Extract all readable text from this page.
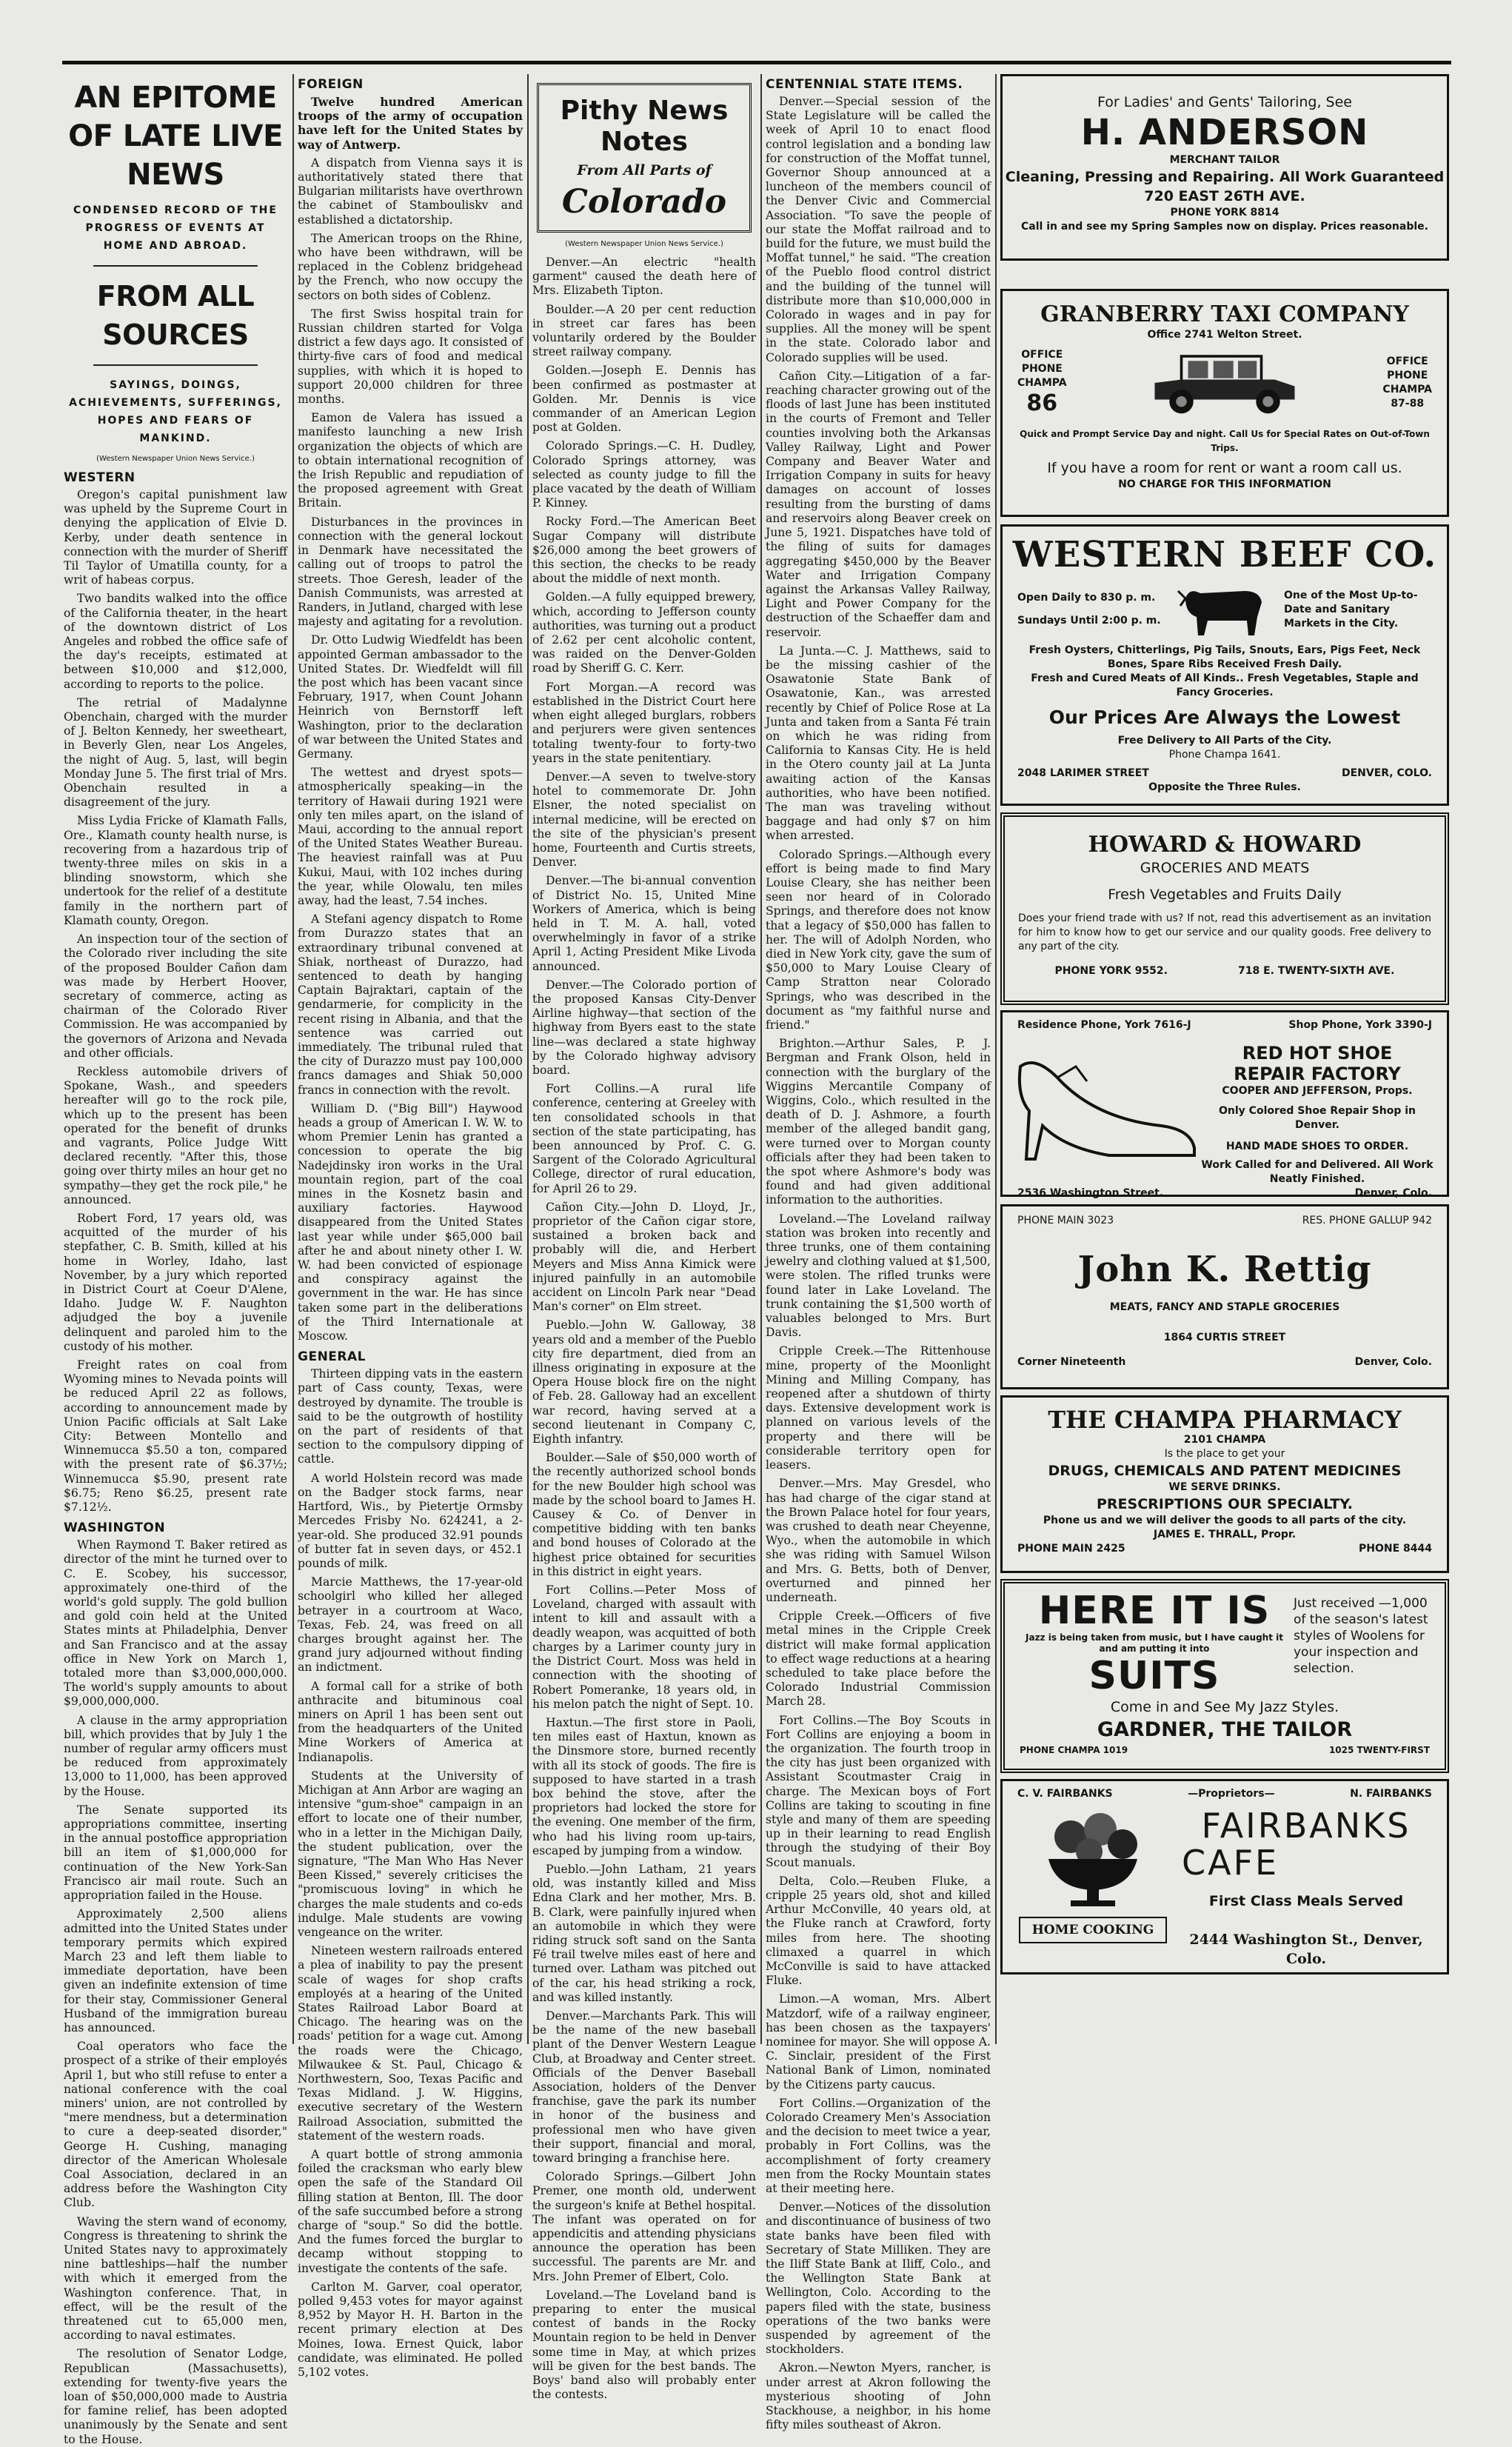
AN EPITOME OF LATE LIVE NEWS
CONDENSED RECORD OF THE PROGRESS OF EVENTS AT HOME AND ABROAD.
FROM ALL SOURCES
SAYINGS, DOINGS, ACHIEVEMENTS, SUFFERINGS, HOPES AND FEARS OF MANKIND.
(Western Newspaper Union News Service.)
WESTERN

Oregon's capital punishment law was upheld by the Supreme Court in denying the application of Elvie D. Kerby, under death sentence in connection with the murder of Sheriff Til Taylor of Umatilla county, for a writ of habeas corpus.

Two bandits walked into the office of the California theater, in the heart of the downtown district of Los Angeles and robbed the office safe of the day's receipts, estimated at between $10,000 and $12,000, according to reports to the police.

The retrial of Madalynne Obenchain, charged with the murder of J. Belton Kennedy, her sweetheart, in Beverly Glen, near Los Angeles, the night of Aug. 5, last, will begin Monday June 5. The first trial of Mrs. Obenchain resulted in a disagreement of the jury.

Miss Lydia Fricke of Klamath Falls, Ore., Klamath county health nurse, is recovering from a hazardous trip of twenty-three miles on skis in a blinding snowstorm, which she undertook for the relief of a destitute family in the northern part of Klamath county, Oregon.

An inspection tour of the section of the Colorado river including the site of the proposed Boulder Cañon dam was made by Herbert Hoover, secretary of commerce, acting as chairman of the Colorado River Commission. He was accompanied by the governors of Arizona and Nevada and other officials.

Reckless automobile drivers of Spokane, Wash., and speeders hereafter will go to the rock pile, which up to the present has been operated for the benefit of drunks and vagrants, Police Judge Witt declared recently. "After this, those going over thirty miles an hour get no sympathy—they get the rock pile," he announced.

Robert Ford, 17 years old, was acquitted of the murder of his stepfather, C. B. Smith, killed at his home in Worley, Idaho, last November, by a jury which reported in District Court at Coeur D'Alene, Idaho. Judge W. F. Naughton adjudged the boy a juvenile delinquent and paroled him to the custody of his mother.

Freight rates on coal from Wyoming mines to Nevada points will be reduced April 22 as follows, according to announcement made by Union Pacific officials at Salt Lake City: Between Montello and Winnemucca $5.50 a ton, compared with the present rate of $6.37½; Winnemucca $5.90, present rate $6.75; Reno $6.25, present rate $7.12½.

WASHINGTON

When Raymond T. Baker retired as director of the mint he turned over to C. E. Scobey, his successor, approximately one-third of the world's gold supply. The gold bullion and gold coin held at the United States mints at Philadelphia, Denver and San Francisco and at the assay office in New York on March 1, totaled more than $3,000,000,000. The world's supply amounts to about $9,000,000,000.

A clause in the army appropriation bill, which provides that by July 1 the number of regular army officers must be reduced from approximately 13,000 to 11,000, has been approved by the House.

The Senate supported its appropriations committee, inserting in the annual postoffice appropriation bill an item of $1,000,000 for continuation of the New York-San Francisco air mail route. Such an appropriation failed in the House.

Approximately 2,500 aliens admitted into the United States under temporary permits which expired March 23 and left them liable to immediate deportation, have been given an indefinite extension of time for their stay, Commissioner General Husband of the immigration bureau has announced.

Coal operators who face the prospect of a strike of their employés April 1, but who still refuse to enter a national conference with the coal miners' union, are not controlled by "mere mendness, but a determination to cure a deep-seated disorder," George H. Cushing, managing director of the American Wholesale Coal Association, declared in an address before the Washington City Club.

Waving the stern wand of economy, Congress is threatening to shrink the United States navy to approximately nine battleships—half the number with which it emerged from the Washington conference. That, in effect, will be the result of the threatened cut to 65,000 men, according to naval estimates.

The resolution of Senator Lodge, Republican (Massachusetts), extending for twenty-five years the loan of $50,000,000 made to Austria for famine relief, has been adopted unanimously by the Senate and sent to the House.

FOREIGN

Twelve hundred American troops of the army of occupation have left for the United States by way of Antwerp.

A dispatch from Vienna says it is authoritatively stated there that Bulgarian militarists have overthrown the cabinet of Stambouliskv and established a dictatorship.

The American troops on the Rhine, who have been withdrawn, will be replaced in the Coblenz bridgehead by the French, who now occupy the sectors on both sides of Coblenz.

The first Swiss hospital train for Russian children started for Volga district a few days ago. It consisted of thirty-five cars of food and medical supplies, with which it is hoped to support 20,000 children for three months.

Eamon de Valera has issued a manifesto launching a new Irish organization the objects of which are to obtain international recognition of the Irish Republic and repudiation of the proposed agreement with Great Britain.

Disturbances in the provinces in connection with the general lockout in Denmark have necessitated the calling out of troops to patrol the streets. Thoe Geresh, leader of the Danish Communists, was arrested at Randers, in Jutland, charged with lese majesty and agitating for a revolution.

Dr. Otto Ludwig Wiedfeldt has been appointed German ambassador to the United States. Dr. Wiedfeldt will fill the post which has been vacant since February, 1917, when Count Johann Heinrich von Bernstorff left Washington, prior to the declaration of war between the United States and Germany.

The wettest and dryest spots—atmospherically speaking—in the territory of Hawaii during 1921 were only ten miles apart, on the island of Maui, according to the annual report of the United States Weather Bureau. The heaviest rainfall was at Puu Kukui, Maui, with 102 inches during the year, while Olowalu, ten miles away, had the least, 7.54 inches.

A Stefani agency dispatch to Rome from Durazzo states that an extraordinary tribunal convened at Shiak, northeast of Durazzo, had sentenced to death by hanging Captain Bajraktari, captain of the gendarmerie, for complicity in the recent rising in Albania, and that the sentence was carried out immediately. The tribunal ruled that the city of Durazzo must pay 100,000 francs damages and Shiak 50,000 francs in connection with the revolt.

William D. ("Big Bill") Haywood heads a group of American I. W. W. to whom Premier Lenin has granted a concession to operate the big Nadejdinsky iron works in the Ural mountain region, part of the coal mines in the Kosnetz basin and auxiliary factories. Haywood disappeared from the United States last year while under $65,000 bail after he and about ninety other I. W. W. had been convicted of espionage and conspiracy against the government in the war. He has since taken some part in the deliberations of the Third Internationale at Moscow.

GENERAL

Thirteen dipping vats in the eastern part of Cass county, Texas, were destroyed by dynamite. The trouble is said to be the outgrowth of hostility on the part of residents of that section to the compulsory dipping of cattle.

A world Holstein record was made on the Badger stock farms, near Hartford, Wis., by Pietertje Ormsby Mercedes Frisby No. 624241, a 2-year-old. She produced 32.91 pounds of butter fat in seven days, or 452.1 pounds of milk.

Marcie Matthews, the 17-year-old schoolgirl who killed her alleged betrayer in a courtroom at Waco, Texas, Feb. 24, was freed on all charges brought against her. The grand jury adjourned without finding an indictment.

A formal call for a strike of both anthracite and bituminous coal miners on April 1 has been sent out from the headquarters of the United Mine Workers of America at Indianapolis.

Students at the University of Michigan at Ann Arbor are waging an intensive "gum-shoe" campaign in an effort to locate one of their number, who in a letter in the Michigan Daily, the student publication, over the signature, "The Man Who Has Never Been Kissed," severely criticises the "promiscuous loving" in which he charges the male students and co-eds indulge. Male students are vowing vengeance on the writer.

Nineteen western railroads entered a plea of inability to pay the present scale of wages for shop crafts employés at a hearing of the United States Railroad Labor Board at Chicago. The hearing was on the roads' petition for a wage cut. Among the roads were the Chicago, Milwaukee & St. Paul, Chicago & Northwestern, Soo, Texas Pacific and Texas Midland. J. W. Higgins, executive secretary of the Western Railroad Association, submitted the statement of the western roads.

A quart bottle of strong ammonia foiled the cracksman who early blew open the safe of the Standard Oil filling station at Benton, Ill. The door of the safe succumbed before a strong charge of "soup." So did the bottle. And the fumes forced the burglar to decamp without stopping to investigate the contents of the safe.

Carlton M. Garver, coal operator, polled 9,453 votes for mayor against 8,952 by Mayor H. H. Barton in the recent primary election at Des Moines, Iowa. Ernest Quick, labor candidate, was eliminated. He polled 5,102 votes.

Pithy News Notes
From All Parts of
Colorado
(Western Newspaper Union News Service.)

Denver.—An electric "health garment" caused the death here of Mrs. Elizabeth Tipton.

Boulder.—A 20 per cent reduction in street car fares has been voluntarily ordered by the Boulder street railway company.

Golden.—Joseph E. Dennis has been confirmed as postmaster at Golden. Mr. Dennis is vice commander of an American Legion post at Golden.

Colorado Springs.—C. H. Dudley, Colorado Springs attorney, was selected as county judge to fill the place vacated by the death of William P. Kinney.

Rocky Ford.—The American Beet Sugar Company will distribute $26,000 among the beet growers of this section, the checks to be ready about the middle of next month.

Golden.—A fully equipped brewery, which, according to Jefferson county authorities, was turning out a product of 2.62 per cent alcoholic content, was raided on the Denver-Golden road by Sheriff G. C. Kerr.

Fort Morgan.—A record was established in the District Court here when eight alleged burglars, robbers and perjurers were given sentences totaling twenty-four to forty-two years in the state penitentiary.

Denver.—A seven to twelve-story hotel to commemorate Dr. John Elsner, the noted specialist on internal medicine, will be erected on the site of the physician's present home, Fourteenth and Curtis streets, Denver.

Denver.—The bi-annual convention of District No. 15, United Mine Workers of America, which is being held in T. M. A. hall, voted overwhelmingly in favor of a strike April 1, Acting President Mike Livoda announced.

Denver.—The Colorado portion of the proposed Kansas City-Denver Airline highway—that section of the highway from Byers east to the state line—was declared a state highway by the Colorado highway advisory board.

Fort Collins.—A rural life conference, centering at Greeley with ten consolidated schools in that section of the state participating, has been announced by Prof. C. G. Sargent of the Colorado Agricultural College, director of rural education, for April 26 to 29.

Cañon City.—John D. Lloyd, Jr., proprietor of the Cañon cigar store, sustained a broken back and probably will die, and Herbert Meyers and Miss Anna Kimick were injured painfully in an automobile accident on Lincoln Park near "Dead Man's corner" on Elm street.

Pueblo.—John W. Galloway, 38 years old and a member of the Pueblo city fire department, died from an illness originating in exposure at the Opera House block fire on the night of Feb. 28. Galloway had an excellent war record, having served at a second lieutenant in Company C, Eighth infantry.

Boulder.—Sale of $50,000 worth of the recently authorized school bonds for the new Boulder high school was made by the school board to James H. Causey & Co. of Denver in competitive bidding with ten banks and bond houses of Colorado at the highest price obtained for securities in this district in eight years.

Fort Collins.—Peter Moss of Loveland, charged with assault with intent to kill and assault with a deadly weapon, was acquitted of both charges by a Larimer county jury in the District Court. Moss was held in connection with the shooting of Robert Pomeranke, 18 years old, in his melon patch the night of Sept. 10.

Haxtun.—The first store in Paoli, ten miles east of Haxtun, known as the Dinsmore store, burned recently with all its stock of goods. The fire is supposed to have started in a trash box behind the stove, after the proprietors had locked the store for the evening. One member of the firm, who had his living room up-tairs, escaped by jumping from a window.

Pueblo.—John Latham, 21 years old, was instantly killed and Miss Edna Clark and her mother, Mrs. B. B. Clark, were painfully injured when an automobile in which they were riding struck soft sand on the Santa Fé trail twelve miles east of here and turned over. Latham was pitched out of the car, his head striking a rock, and was killed instantly.

Denver.—Marchants Park. This will be the name of the new baseball plant of the Denver Western League Club, at Broadway and Center street. Officials of the Denver Baseball Association, holders of the Denver franchise, gave the park its number in honor of the business and professional men who have given their support, financial and moral, toward bringing a franchise here.

Colorado Springs.—Gilbert John Premer, one month old, underwent the surgeon's knife at Bethel hospital. The infant was operated on for appendicitis and attending physicians announce the operation has been successful. The parents are Mr. and Mrs. John Premer of Elbert, Colo.

Loveland.—The Loveland band is preparing to enter the musical contest of bands in the Rocky Mountain region to be held in Denver some time in May, at which prizes will be given for the best bands. The Boys' band also will probably enter the contests.

CENTENNIAL STATE ITEMS.

Denver.—Special session of the State Legislature will be called the week of April 10 to enact flood control legislation and a bonding law for construction of the Moffat tunnel, Governor Shoup announced at a luncheon of the members council of the Denver Civic and Commercial Association. "To save the people of our state the Moffat railroad and to build for the future, we must build the Moffat tunnel," he said. "The creation of the Pueblo flood control district and the building of the tunnel will distribute more than $10,000,000 in Colorado in wages and in pay for supplies. All the money will be spent in the state. Colorado labor and Colorado supplies will be used.

Cañon City.—Litigation of a far-reaching character growing out of the floods of last June has been instituted in the courts of Fremont and Teller counties involving both the Arkansas Valley Railway, Light and Power Company and Beaver Water and Irrigation Company in suits for heavy damages on account of losses resulting from the bursting of dams and reservoirs along Beaver creek on June 5, 1921. Dispatches have told of the filing of suits for damages aggregating $450,000 by the Beaver Water and Irrigation Company against the Arkansas Valley Railway, Light and Power Company for the destruction of the Schaeffer dam and reservoir.

La Junta.—C. J. Matthews, said to be the missing cashier of the Osawatonie State Bank of Osawatonie, Kan., was arrested recently by Chief of Police Rose at La Junta and taken from a Santa Fé train on which he was riding from California to Kansas City. He is held in the Otero county jail at La Junta awaiting action of the Kansas authorities, who have been notified. The man was traveling without baggage and had only $7 on him when arrested.

Colorado Springs.—Although every effort is being made to find Mary Louise Cleary, she has neither been seen nor heard of in Colorado Springs, and therefore does not know that a legacy of $50,000 has fallen to her. The will of Adolph Norden, who died in New York city, gave the sum of $50,000 to Mary Louise Cleary of Camp Stratton near Colorado Springs, who was described in the document as "my faithful nurse and friend."

Brighton.—Arthur Sales, P. J. Bergman and Frank Olson, held in connection with the burglary of the Wiggins Mercantile Company of Wiggins, Colo., which resulted in the death of D. J. Ashmore, a fourth member of the alleged bandit gang, were turned over to Morgan county officials after they had been taken to the spot where Ashmore's body was found and had given additional information to the authorities.

Loveland.—The Loveland railway station was broken into recently and three trunks, one of them containing jewelry and clothing valued at $1,500, were stolen. The rifled trunks were found later in Lake Loveland. The trunk containing the $1,500 worth of valuables belonged to Mrs. Burt Davis.

Cripple Creek.—The Rittenhouse mine, property of the Moonlight Mining and Milling Company, has reopened after a shutdown of thirty days. Extensive development work is planned on various levels of the property and there will be considerable territory open for leasers.

Denver.—Mrs. May Gresdel, who has had charge of the cigar stand at the Brown Palace hotel for four years, was crushed to death near Cheyenne, Wyo., when the automobile in which she was riding with Samuel Wilson and Mrs. G. Betts, both of Denver, overturned and pinned her underneath.

Cripple Creek.—Officers of five metal mines in the Cripple Creek district will make formal application to effect wage reductions at a hearing scheduled to take place before the Colorado Industrial Commission March 28.

Fort Collins.—The Boy Scouts in Fort Collins are enjoying a boom in the organization. The fourth troop in the city has just been organized with Assistant Scoutmaster Craig in charge. The Mexican boys of Fort Collins are taking to scouting in fine style and many of them are speeding up in their learning to read English through the studying of their Boy Scout manuals.

Delta, Colo.—Reuben Fluke, a cripple 25 years old, shot and killed Arthur McConville, 40 years old, at the Fluke ranch at Crawford, forty miles from here. The shooting climaxed a quarrel in which McConville is said to have attacked Fluke.

Limon.—A woman, Mrs. Albert Matzdorf, wife of a railway engineer, has been chosen as the taxpayers' nominee for mayor. She will oppose A. C. Sinclair, president of the First National Bank of Limon, nominated by the Citizens party caucus.

Fort Collins.—Organization of the Colorado Creamery Men's Association and the decision to meet twice a year, probably in Fort Collins, was the accomplishment of forty creamery men from the Rocky Mountain states at their meeting here.

Denver.—Notices of the dissolution and discontinuance of business of two state banks have been filed with Secretary of State Milliken. They are the Iliff State Bank at Iliff, Colo., and the Wellington State Bank at Wellington, Colo. According to the papers filed with the state, business operations of the two banks were suspended by agreement of the stockholders.

Akron.—Newton Myers, rancher, is under arrest at Akron following the mysterious shooting of John Stackhouse, a neighbor, in his home fifty miles southeast of Akron.

For Ladies' and Gents' Tailoring, See
H. ANDERSON
MERCHANT TAILOR
Cleaning, Pressing and Repairing. All Work Guaranteed
720 EAST 26TH AVE.
PHONE YORK 8814
Call in and see my Spring Samples now on display. Prices reasonable.
GRANBERRY TAXI COMPANY
Office 2741 Welton Street.
OFFICE
PHONE
CHAMPA
86
OFFICE
PHONE
CHAMPA
87-88
Quick and Prompt Service Day and night. Call Us for Special Rates on Out-of-Town Trips.
If you have a room for rent or want a room call us.
NO CHARGE FOR THIS INFORMATION
WESTERN BEEF CO.
Open Daily to 830 p. m.
Sundays Until 2:00 p. m.
One of the Most Up-to-Date and Sanitary Markets in the City.
Fresh Oysters, Chitterlings, Pig Tails, Snouts, Ears, Pigs Feet, Neck Bones, Spare Ribs Received Fresh Daily.
Fresh and Cured Meats of All Kinds.. Fresh Vegetables, Staple and Fancy Groceries.
Our Prices Are Always the Lowest
Free Delivery to All Parts of the City.
Phone Champa 1641.
2048 LARIMER STREET	DENVER, COLO.
Opposite the Three Rules.
HOWARD & HOWARD
GROCERIES AND MEATS
Fresh Vegetables and Fruits Daily
Does your friend trade with us? If not, read this advertisement as an invitation for him to know how to get our service and our quality goods. Free delivery to any part of the city.
PHONE YORK 9552.	718 E. TWENTY-SIXTH AVE.
Residence Phone, York 7616-J	Shop Phone, York 3390-J
RED HOT SHOE
REPAIR FACTORY
COOPER AND JEFFERSON, Props.
Only Colored Shoe Repair Shop in Denver.
HAND MADE SHOES TO ORDER.
Work Called for and Delivered. All Work Neatly Finished.
2536 Washington Street.	Denver, Colo.
PHONE MAIN 3023	RES. PHONE GALLUP 942
John K. Rettig
MEATS, FANCY AND STAPLE GROCERIES
1864 CURTIS STREET
Corner Nineteenth	Denver, Colo.
THE CHAMPA PHARMACY
2101 CHAMPA
Is the place to get your
DRUGS, CHEMICALS AND PATENT MEDICINES
WE SERVE DRINKS.
PRESCRIPTIONS OUR SPECIALTY.
Phone us and we will deliver the goods to all parts of the city.
JAMES E. THRALL, Propr.
PHONE MAIN 2425	PHONE 8444
HERE IT IS
Jazz is being taken from music, but I have caught it and am putting it into
SUITS
Just received —1,000 of the season's latest styles of Woolens for your inspection and selection.
Come in and See My Jazz Styles.
GARDNER, THE TAILOR
PHONE CHAMPA 1019	1025 TWENTY-FIRST
C. V. FAIRBANKS	—Proprietors—	N. FAIRBANKS
HOME COOKING
FAIRBANKS
CAFE
First Class Meals Served
2444 Washington St., Denver, Colo.
